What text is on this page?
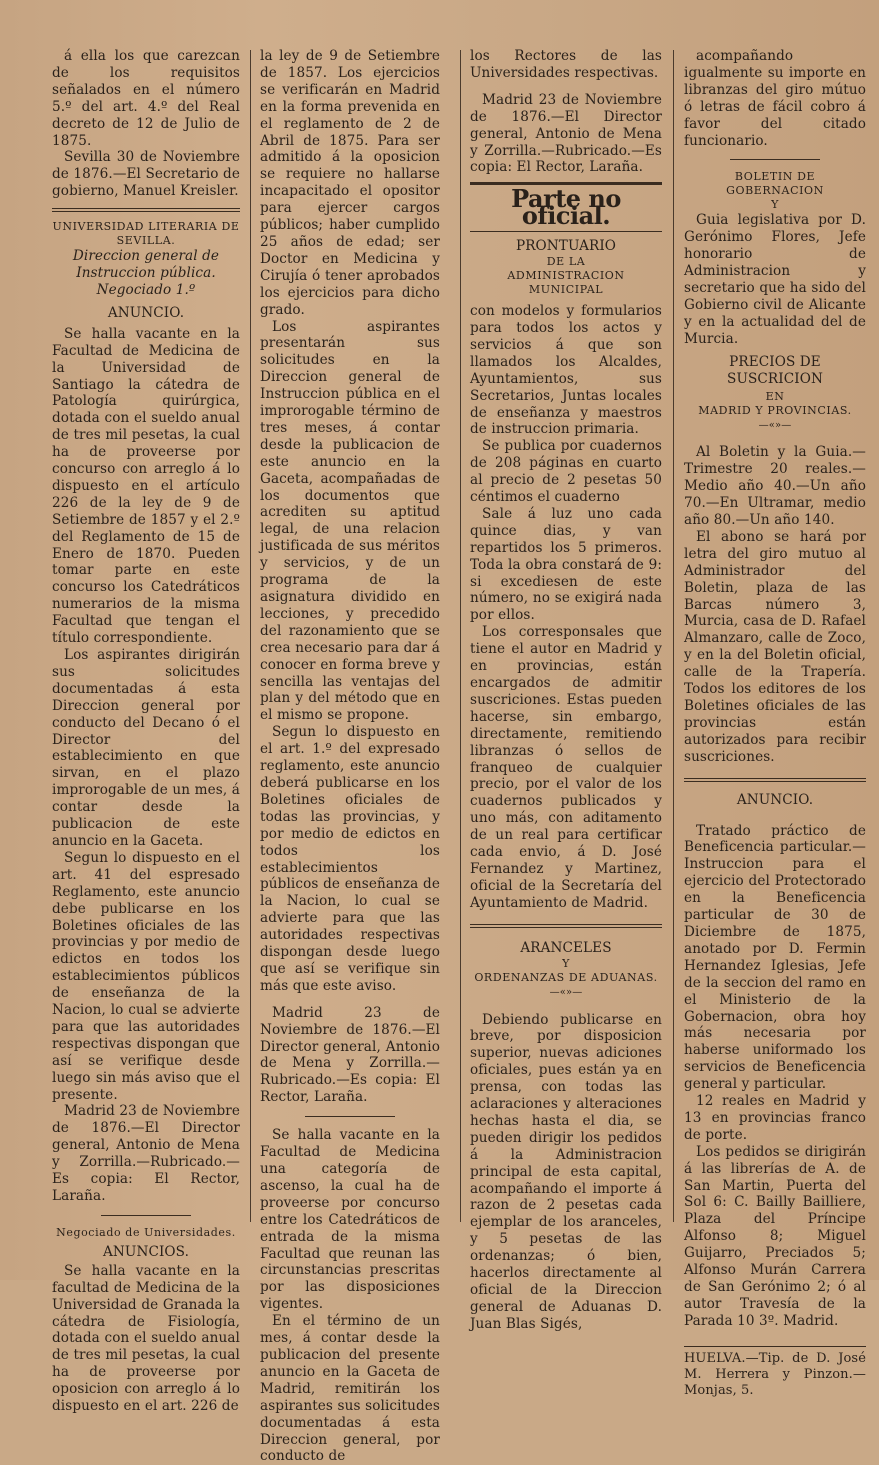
á ella los que carezcan de los requisitos señalados en el número 5.º del art. 4.º del Real decreto de 12 de Julio de 1875.

Sevilla 30 de Noviembre de 1876.—El Secretario de gobierno, Manuel Kreisler.

UNIVERSIDAD LITERARIA DE SEVILLA.

Direccion general de Instruccion pública.

Negociado 1.º

ANUNCIO.

Se halla vacante en la Facultad de Medicina de la Universidad de Santiago la cátedra de Patología quirúrgica, dotada con el sueldo anual de tres mil pesetas, la cual ha de proveerse por concurso con arreglo á lo dispuesto en el artículo 226 de la ley de 9 de Setiembre de 1857 y el 2.º del Reglamento de 15 de Enero de 1870. Pueden tomar parte en este concurso los Catedráticos numerarios de la misma Facultad que tengan el título correspondiente.

Los aspirantes dirigirán sus solicitudes documentadas á esta Direccion general por conducto del Decano ó el Director del establecimiento en que sirvan, en el plazo improrogable de un mes, á contar desde la publicacion de este anuncio en la Gaceta.

Segun lo dispuesto en el art. 41 del espresado Reglamento, este anuncio debe publicarse en los Boletines oficiales de las provincias y por medio de edictos en todos los establecimientos públicos de enseñanza de la Nacion, lo cual se advierte para que las autoridades respectivas dispongan que así se verifique desde luego sin más aviso que el presente.

Madrid 23 de Noviembre de 1876.—El Director general, Antonio de Mena y Zorrilla.—Rubricado.—Es copia: El Rector, Laraña.

Negociado de Universidades.
ANUNCIOS.

Se halla vacante en la facultad de Medicina de la Universidad de Granada la cátedra de Fisiología, dotada con el sueldo anual de tres mil pesetas, la cual ha de proveerse por oposicion con arreglo á lo dispuesto en el art. 226 de

la ley de 9 de Setiembre de 1857. Los ejercicios se verificarán en Madrid en la forma prevenida en el reglamento de 2 de Abril de 1875. Para ser admitido á la oposicion se requiere no hallarse incapacitado el opositor para ejercer cargos públicos; haber cumplido 25 años de edad; ser Doctor en Medicina y Cirujía ó tener aprobados los ejercicios para dicho grado.

Los aspirantes presentarán sus solicitudes en la Direccion general de Instruccion pública en el improrogable término de tres meses, á contar desde la publicacion de este anuncio en la Gaceta, acompañadas de los documentos que acrediten su aptitud legal, de una relacion justificada de sus méritos y servicios, y de un programa de la asignatura dividido en lecciones, y precedido del razonamiento que se crea necesario para dar á conocer en forma breve y sencilla las ventajas del plan y del método que en el mismo se propone.

Segun lo dispuesto en el art. 1.º del expresado reglamento, este anuncio deberá publicarse en los Boletines oficiales de todas las provincias, y por medio de edictos en todos los establecimientos públicos de enseñanza de la Nacion, lo cual se advierte para que las autoridades respectivas dispongan desde luego que así se verifique sin más que este aviso.

Madrid 23 de Noviembre de 1876.—El Director general, Antonio de Mena y Zorrilla.—Rubricado.—Es copia: El Rector, Laraña.

Se halla vacante en la Facultad de Medicina una categoría de ascenso, la cual ha de proveerse por concurso entre los Catedráticos de entrada de la misma Facultad que reunan las circunstancias prescritas por las disposiciones vigentes.

En el término de un mes, á contar desde la publicacion del presente anuncio en la Gaceta de Madrid, remitirán los aspirantes sus solicitudes documentadas á esta Direccion general, por conducto de

los Rectores de las Universidades respectivas.

Madrid 23 de Noviembre de 1876.—El Director general, Antonio de Mena y Zorrilla.—Rubricado.—Es copia: El Rector, Laraña.

Parte no oficial.
PRONTUARIO
DE LA
ADMINISTRACION MUNICIPAL

con modelos y formularios para todos los actos y servicios á que son llamados los Alcaldes, Ayuntamientos, sus Secretarios, Juntas locales de enseñanza y maestros de instruccion primaria.

Se publica por cuadernos de 208 páginas en cuarto al precio de 2 pesetas 50 céntimos el cuaderno

Sale á luz uno cada quince dias, y van repartidos los 5 primeros. Toda la obra constará de 9: si excediesen de este número, no se exigirá nada por ellos.

Los corresponsales que tiene el autor en Madrid y en provincias, están encargados de admitir suscriciones. Estas pueden hacerse, sin embargo, directamente, remitiendo libranzas ó sellos de franqueo de cualquier precio, por el valor de los cuadernos publicados y uno más, con aditamento de un real para certificar cada envio, á D. José Fernandez y Martinez, oficial de la Secretaría del Ayuntamiento de Madrid.

ARANCELES
Y
ORDENANZAS DE ADUANAS.
—«»—

Debiendo publicarse en breve, por disposicion superior, nuevas adiciones oficiales, pues están ya en prensa, con todas las aclaraciones y alteraciones hechas hasta el dia, se pueden dirigir los pedidos á la Administracion principal de esta capital, acompañando el importe á razon de 2 pesetas cada ejemplar de los aranceles, y 5 pesetas de las ordenanzas; ó bien, hacerlos directamente al oficial de la Direccion general de Aduanas D. Juan Blas Sigés,

acompañando igualmente su importe en libranzas del giro mútuo ó letras de fácil cobro á favor del citado funcionario.

BOLETIN DE GOBERNACION
Y

Guia legislativa por D. Gerónimo Flores, Jefe honorario de Administracion y secretario que ha sido del Gobierno civil de Alicante y en la actualidad del de Murcia.

PRECIOS DE SUSCRICION
EN
MADRID Y PROVINCIAS.
—«»—

Al Boletin y la Guia.—Trimestre 20 reales.—Medio año 40.—Un año 70.—En Ultramar, medio año 80.—Un año 140.

El abono se hará por letra del giro mutuo al Administrador del Boletin, plaza de las Barcas número 3, Murcia, casa de D. Rafael Almanzaro, calle de Zoco, y en la del Boletin oficial, calle de la Trapería. Todos los editores de los Boletines oficiales de las provincias están autorizados para recibir suscriciones.

ANUNCIO.

Tratado práctico de Beneficencia particular.—Instruccion para el ejercicio del Protectorado en la Beneficencia particular de 30 de Diciembre de 1875, anotado por D. Fermin Hernandez Iglesias, Jefe de la seccion del ramo en el Ministerio de la Gobernacion, obra hoy más necesaria por haberse uniformado los servicios de Beneficencia general y particular.

12 reales en Madrid y 13 en provincias franco de porte.

Los pedidos se dirigirán á las librerías de A. de San Martin, Puerta del Sol 6: C. Bailly Bailliere, Plaza del Príncipe Alfonso 8; Miguel Guijarro, Preciados 5; Alfonso Murán Carrera de San Gerónimo 2; ó al autor Travesía de la Parada 10 3º. Madrid.

HUELVA.—Tip. de D. José M. Herrera y Pinzon.—Monjas, 5.
